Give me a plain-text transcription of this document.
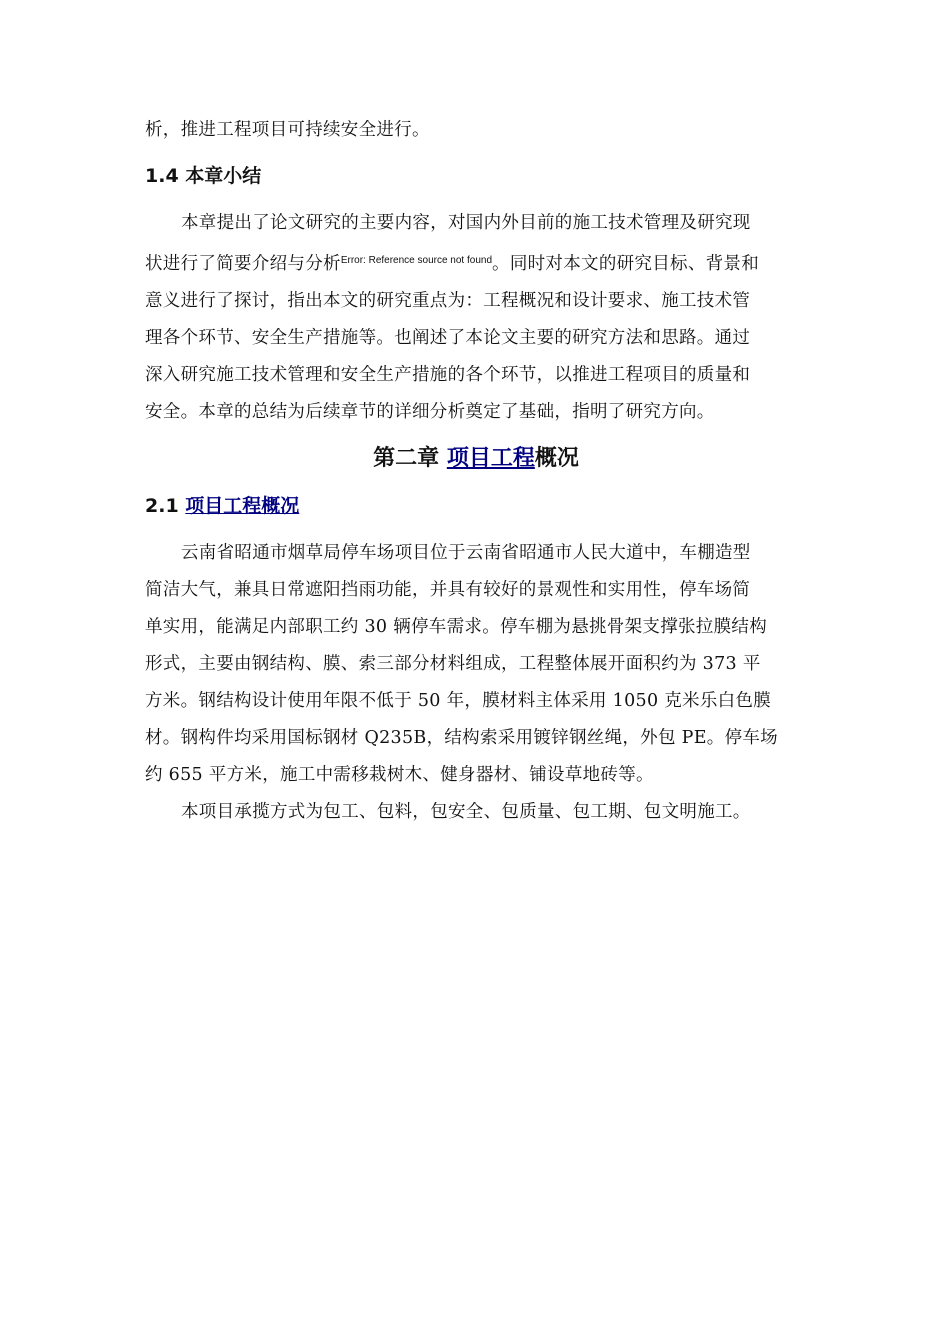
析，推进工程项目可持续安全进行。

1.4 本章小结

本章提出了论文研究的主要内容，对国内外目前的施工技术管理及研究现
状进行了简要介绍与分析$^{Error: Reference source not found}$。同时对本文的研究目标、背景和
意义进行了探讨，指出本文的研究重点为：工程概况和设计要求、施工技术管
理各个环节、安全生产措施等。也阐述了本论文主要的研究方法和思路。通过
深入研究施工技术管理和安全生产措施的各个环节，以推进工程项目的质量和
安全。本章的总结为后续章节的详细分析奠定了基础，指明了研究方向。

第二章 项目工程概况
2.1 项目工程概况

云南省昭通市烟草局停车场项目位于云南省昭通市人民大道中，车棚造型
简洁大气，兼具日常遮阳挡雨功能，并具有较好的景观性和实用性，停车场简
单实用，能满足内部职工约 30 辆停车需求。停车棚为悬挑骨架支撑张拉膜结构
形式，主要由钢结构、膜、索三部分材料组成，工程整体展开面积约为 373 平
方米。钢结构设计使用年限不低于 50 年，膜材料主体采用 1050 克米乐白色膜
材。钢构件均采用国标钢材 Q235B，结构索采用镀锌钢丝绳，外包 PE。停车场
约 655 平方米，施工中需移栽树木、健身器材、铺设草地砖等。

本项目承揽方式为包工、包料，包安全、包质量、包工期、包文明施工。
